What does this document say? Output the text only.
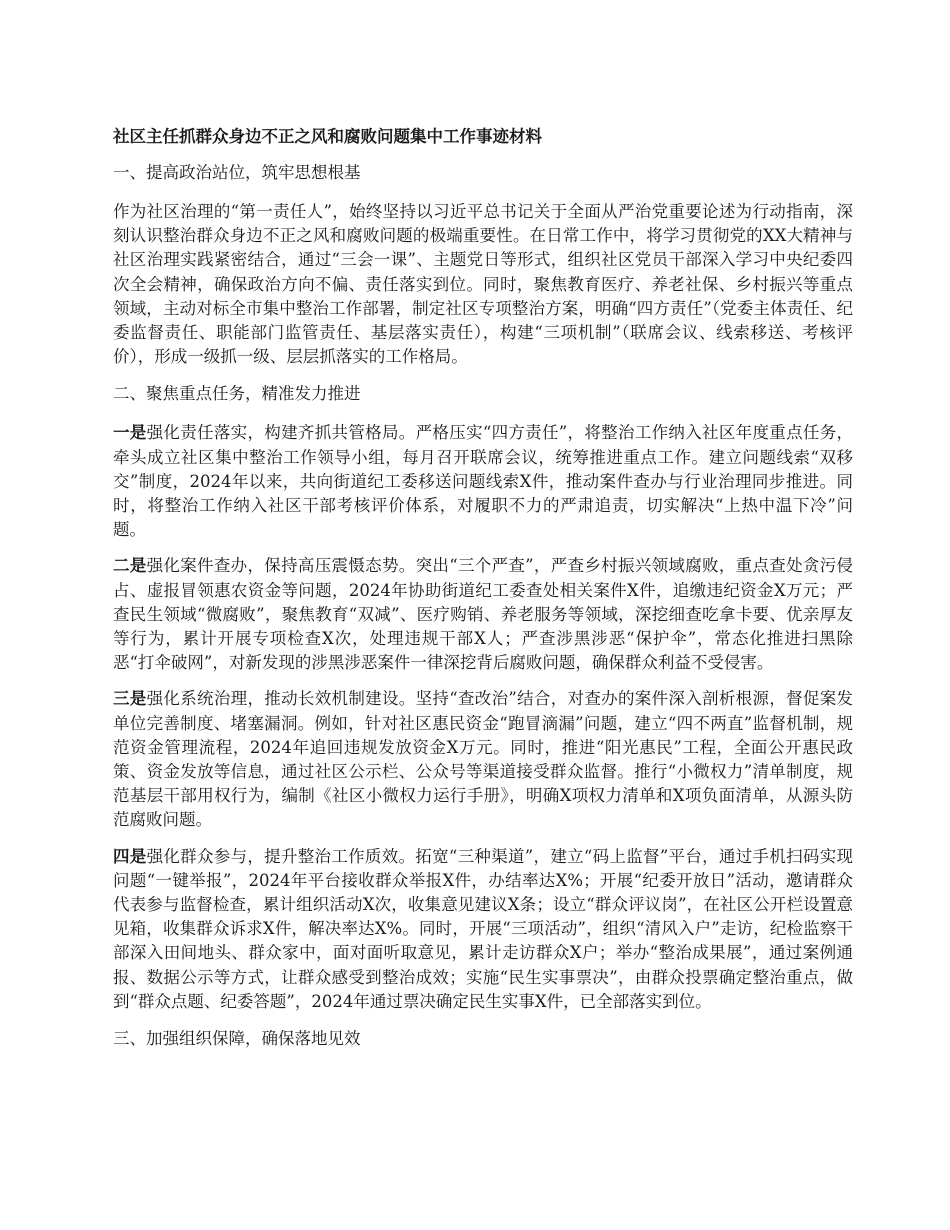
社区主任抓群众身边不正之风和腐败问题集中工作事迹材料
一、提高政治站位，筑牢思想根基

作为社区治理的“第一责任人”，始终坚持以习近平总书记关于全面从严治党重要论述为行动指南，深刻认识整治群众身边不正之风和腐败问题的极端重要性。在日常工作中，将学习贯彻党的XX大精神与社区治理实践紧密结合，通过“三会一课”、主题党日等形式，组织社区党员干部深入学习中央纪委四次全会精神，确保政治方向不偏、责任落实到位。同时，聚焦教育医疗、养老社保、乡村振兴等重点领域，主动对标全市集中整治工作部署，制定社区专项整治方案，明确“四方责任”（党委主体责任、纪委监督责任、职能部门监管责任、基层落实责任），构建“三项机制”（联席会议、线索移送、考核评价），形成一级抓一级、层层抓落实的工作格局。

二、聚焦重点任务，精准发力推进

一是强化责任落实，构建齐抓共管格局。严格压实“四方责任”，将整治工作纳入社区年度重点任务，牵头成立社区集中整治工作领导小组，每月召开联席会议，统筹推进重点工作。建立问题线索“双移交”制度，2024年以来，共向街道纪工委移送问题线索X件，推动案件查办与行业治理同步推进。同时，将整治工作纳入社区干部考核评价体系，对履职不力的严肃追责，切实解决“上热中温下冷”问题。

二是强化案件查办，保持高压震慑态势。突出“三个严查”，严查乡村振兴领域腐败，重点查处贪污侵占、虚报冒领惠农资金等问题，2024年协助街道纪工委查处相关案件X件，追缴违纪资金X万元；严查民生领域“微腐败”，聚焦教育“双减”、医疗购销、养老服务等领域，深挖细查吃拿卡要、优亲厚友等行为，累计开展专项检查X次，处理违规干部X人；严查涉黑涉恶“保护伞”，常态化推进扫黑除恶“打伞破网”，对新发现的涉黑涉恶案件一律深挖背后腐败问题，确保群众利益不受侵害。

三是强化系统治理，推动长效机制建设。坚持“查改治”结合，对查办的案件深入剖析根源，督促案发单位完善制度、堵塞漏洞。例如，针对社区惠民资金“跑冒滴漏”问题，建立“四不两直”监督机制，规范资金管理流程，2024年追回违规发放资金X万元。同时，推进“阳光惠民”工程，全面公开惠民政策、资金发放等信息，通过社区公示栏、公众号等渠道接受群众监督。推行“小微权力”清单制度，规范基层干部用权行为，编制《社区小微权力运行手册》，明确X项权力清单和X项负面清单，从源头防范腐败问题。

四是强化群众参与，提升整治工作质效。拓宽“三种渠道”，建立“码上监督”平台，通过手机扫码实现问题“一键举报”，2024年平台接收群众举报X件，办结率达X%；开展“纪委开放日”活动，邀请群众代表参与监督检查，累计组织活动X次，收集意见建议X条；设立“群众评议岗”，在社区公开栏设置意见箱，收集群众诉求X件，解决率达X%。同时，开展“三项活动”，组织“清风入户”走访，纪检监察干部深入田间地头、群众家中，面对面听取意见，累计走访群众X户；举办“整治成果展”，通过案例通报、数据公示等方式，让群众感受到整治成效；实施“民生实事票决”，由群众投票确定整治重点，做到“群众点题、纪委答题”，2024年通过票决确定民生实事X件，已全部落实到位。

三、加强组织保障，确保落地见效
